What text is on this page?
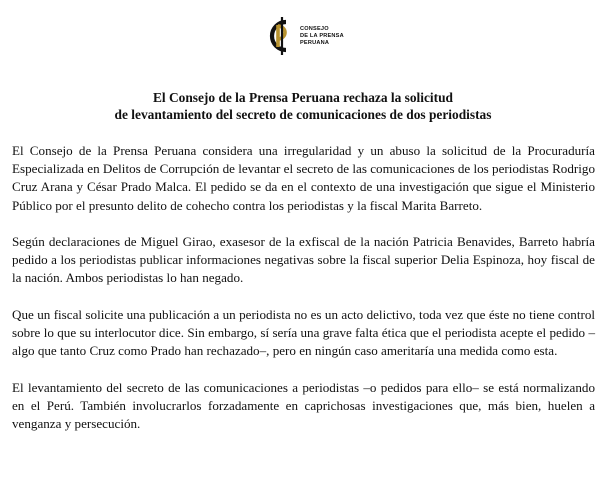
CONSEJO
DE LA PRENSA
PERUANA
El Consejo de la Prensa Peruana rechaza la solicitud
de levantamiento del secreto de comunicaciones de dos periodistas

El Consejo de la Prensa Peruana considera una irregularidad y un abuso la solicitud de la Procuraduría Especializada en Delitos de Corrupción de levantar el secreto de las comunicaciones de los periodistas Rodrigo Cruz Arana y César Prado Malca. El pedido se da en el contexto de una investigación que sigue el Ministerio Público por el presunto delito de cohecho contra los periodistas y la fiscal Marita Barreto.

Según declaraciones de Miguel Girao, exasesor de la exfiscal de la nación Patricia Benavides, Barreto habría pedido a los periodistas publicar informaciones negativas sobre la fiscal superior Delia Espinoza, hoy fiscal de la nación. Ambos periodistas lo han negado.

Que un fiscal solicite una publicación a un periodista no es un acto delictivo, toda vez que éste no tiene control sobre lo que su interlocutor dice. Sin embargo, sí sería una grave falta ética que el periodista acepte el pedido –algo que tanto Cruz como Prado han rechazado–, pero en ningún caso ameritaría una medida como esta.

El levantamiento del secreto de las comunicaciones a periodistas –o pedidos para ello– se está normalizando en el Perú. También involucrarlos forzadamente en caprichosas investigaciones que, más bien, huelen a venganza y persecución.
